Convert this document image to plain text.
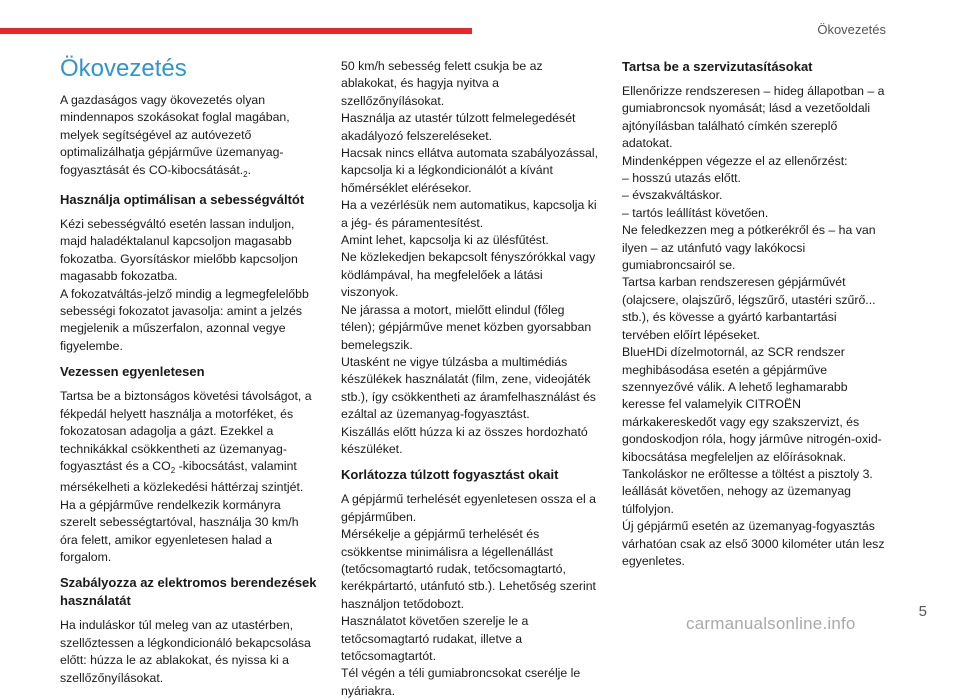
Ökovezetés
Ökovezetés

A gazdaságos vagy ökovezetés olyan mindennapos szokásokat foglal magában, melyek segítségével az autóvezető optimalizálhatja gépjárműve üzemanyag-fogyasztását és $CO-kibocsátását._2$.

Használja optimálisan a sebességváltót

Kézi sebességváltó esetén lassan induljon, majd haladéktalanul kapcsoljon magasabb fokozatba. Gyorsításkor mielőbb kapcsoljon magasabb fokozatba.
A fokozatváltás-jelző mindig a legmegfelelőbb sebességi fokozatot javasolja: amint a jelzés megjelenik a műszerfalon, azonnal vegye figyelembe.

Vezessen egyenletesen

Tartsa be a biztonságos követési távolságot, a fékpedál helyett használja a motorféket, és fokozatosan adagolja a gázt. Ezekkel a technikákkal csökkentheti az üzemanyag-fogyasztást és a $CO_2$ -kibocsátást, valamint mérsékelheti a közlekedési háttérzaj szintjét.
Ha a gépjárműve rendelkezik kormányra szerelt sebességtartóval, használja 30 km/h óra felett, amikor egyenletesen halad a forgalom.

Szabályozza az elektromos berendezések használatát

Ha induláskor túl meleg van az utastérben, szellőztessen a légkondicionáló bekapcsolása előtt: húzza le az ablakokat, és nyissa ki a szellőzőnyílásokat.

50 km/h sebesség felett csukja be az ablakokat, és hagyja nyitva a szellőzőnyílásokat.
Használja az utastér túlzott felmelegedését akadályozó felszereléseket.
Hacsak nincs ellátva automata szabályozással, kapcsolja ki a légkondicionálót a kívánt hőmérséklet elérésekor.
Ha a vezérlésük nem automatikus, kapcsolja ki a jég- és páramentesítést.
Amint lehet, kapcsolja ki az ülésfűtést.
Ne közlekedjen bekapcsolt fényszórókkal vagy ködlámpával, ha megfelelőek a látási viszonyok.
Ne járassa a motort, mielőtt elindul (főleg télen); gépjárműve menet közben gyorsabban bemelegszik.
Utasként ne vigye túlzásba a multimédiás készülékek használatát (film, zene, videojáték stb.), így csökkentheti az áramfelhasználást és ezáltal az üzemanyag-fogyasztást.
Kiszállás előtt húzza ki az összes hordozható készüléket.

Korlátozza túlzott fogyasztást okait

A gépjármű terhelését egyenletesen ossza el a gépjárműben.
Mérsékelje a gépjármű terhelését és csökkentse minimálisra a légellenállást (tetőcsomagtartó rudak, tetőcsomagtartó, kerékpártartó, utánfutó stb.). Lehetőség szerint használjon tetődobozt.
Használatot követően szerelje le a tetőcsomagtartó rudakat, illetve a tetőcsomagtartót.
Tél végén a téli gumiabroncsokat cserélje le nyáriakra.

Tartsa be a szervizutasításokat

Ellenőrizze rendszeresen – hideg állapotban – a gumiabroncsok nyomását; lásd a vezetőoldali ajtónyílásban található címkén szereplő adatokat.
Mindenképpen végezze el az ellenőrzést:
– hosszú utazás előtt.
– évszakváltáskor.
– tartós leállítást követően.
Ne feledkezzen meg a pótkerékről és – ha van ilyen – az utánfutó vagy lakókocsi gumiabroncsairól se.
Tartsa karban rendszeresen gépjárművét (olajcsere, olajszűrő, légszűrő, utastéri szűrő... stb.), és kövesse a gyártó karbantartási tervében előírt lépéseket.
BlueHDi dízelmotornál, az SCR rendszer meghibásodása esetén a gépjárműve szennyezővé válik. A lehető leghamarabb keresse fel valamelyik CITROËN márkakereskedőt vagy egy szakszervizt, és gondoskodjon róla, hogy jármûve nitrogén-oxid-kibocsátása megfeleljen az előírásoknak.
Tankoláskor ne erőltesse a töltést a pisztoly 3. leállását követően, nehogy az üzemanyag túlfolyjon.
Új gépjármű esetén az üzemanyag-fogyasztás várhatóan csak az első 3000 kilométer után lesz egyenletes.

5
carmanualsonline.info
